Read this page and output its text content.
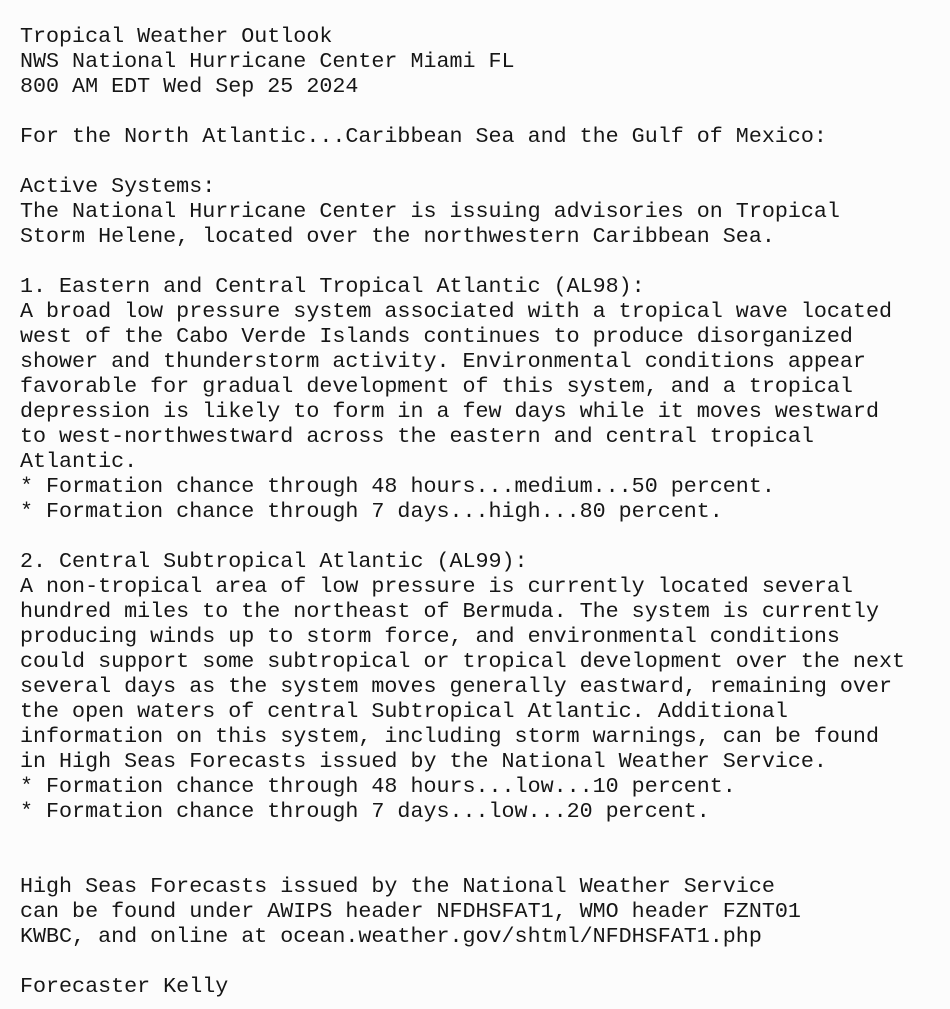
Tropical Weather Outlook
NWS National Hurricane Center Miami FL
800 AM EDT Wed Sep 25 2024
For the North Atlantic...Caribbean Sea and the Gulf of Mexico:
Active Systems:
The National Hurricane Center is issuing advisories on Tropical
Storm Helene, located over the northwestern Caribbean Sea.
1. Eastern and Central Tropical Atlantic (AL98):
A broad low pressure system associated with a tropical wave located
west of the Cabo Verde Islands continues to produce disorganized
shower and thunderstorm activity. Environmental conditions appear
favorable for gradual development of this system, and a tropical
depression is likely to form in a few days while it moves westward
to west-northwestward across the eastern and central tropical
Atlantic.
* Formation chance through 48 hours...medium...50 percent.
* Formation chance through 7 days...high...80 percent.
2. Central Subtropical Atlantic (AL99):
A non-tropical area of low pressure is currently located several
hundred miles to the northeast of Bermuda. The system is currently
producing winds up to storm force, and environmental conditions
could support some subtropical or tropical development over the next
several days as the system moves generally eastward, remaining over
the open waters of central Subtropical Atlantic. Additional
information on this system, including storm warnings, can be found
in High Seas Forecasts issued by the National Weather Service.
* Formation chance through 48 hours...low...10 percent.
* Formation chance through 7 days...low...20 percent.
High Seas Forecasts issued by the National Weather Service
can be found under AWIPS header NFDHSFAT1, WMO header FZNT01
KWBC, and online at ocean.weather.gov/shtml/NFDHSFAT1.php
Forecaster Kelly
